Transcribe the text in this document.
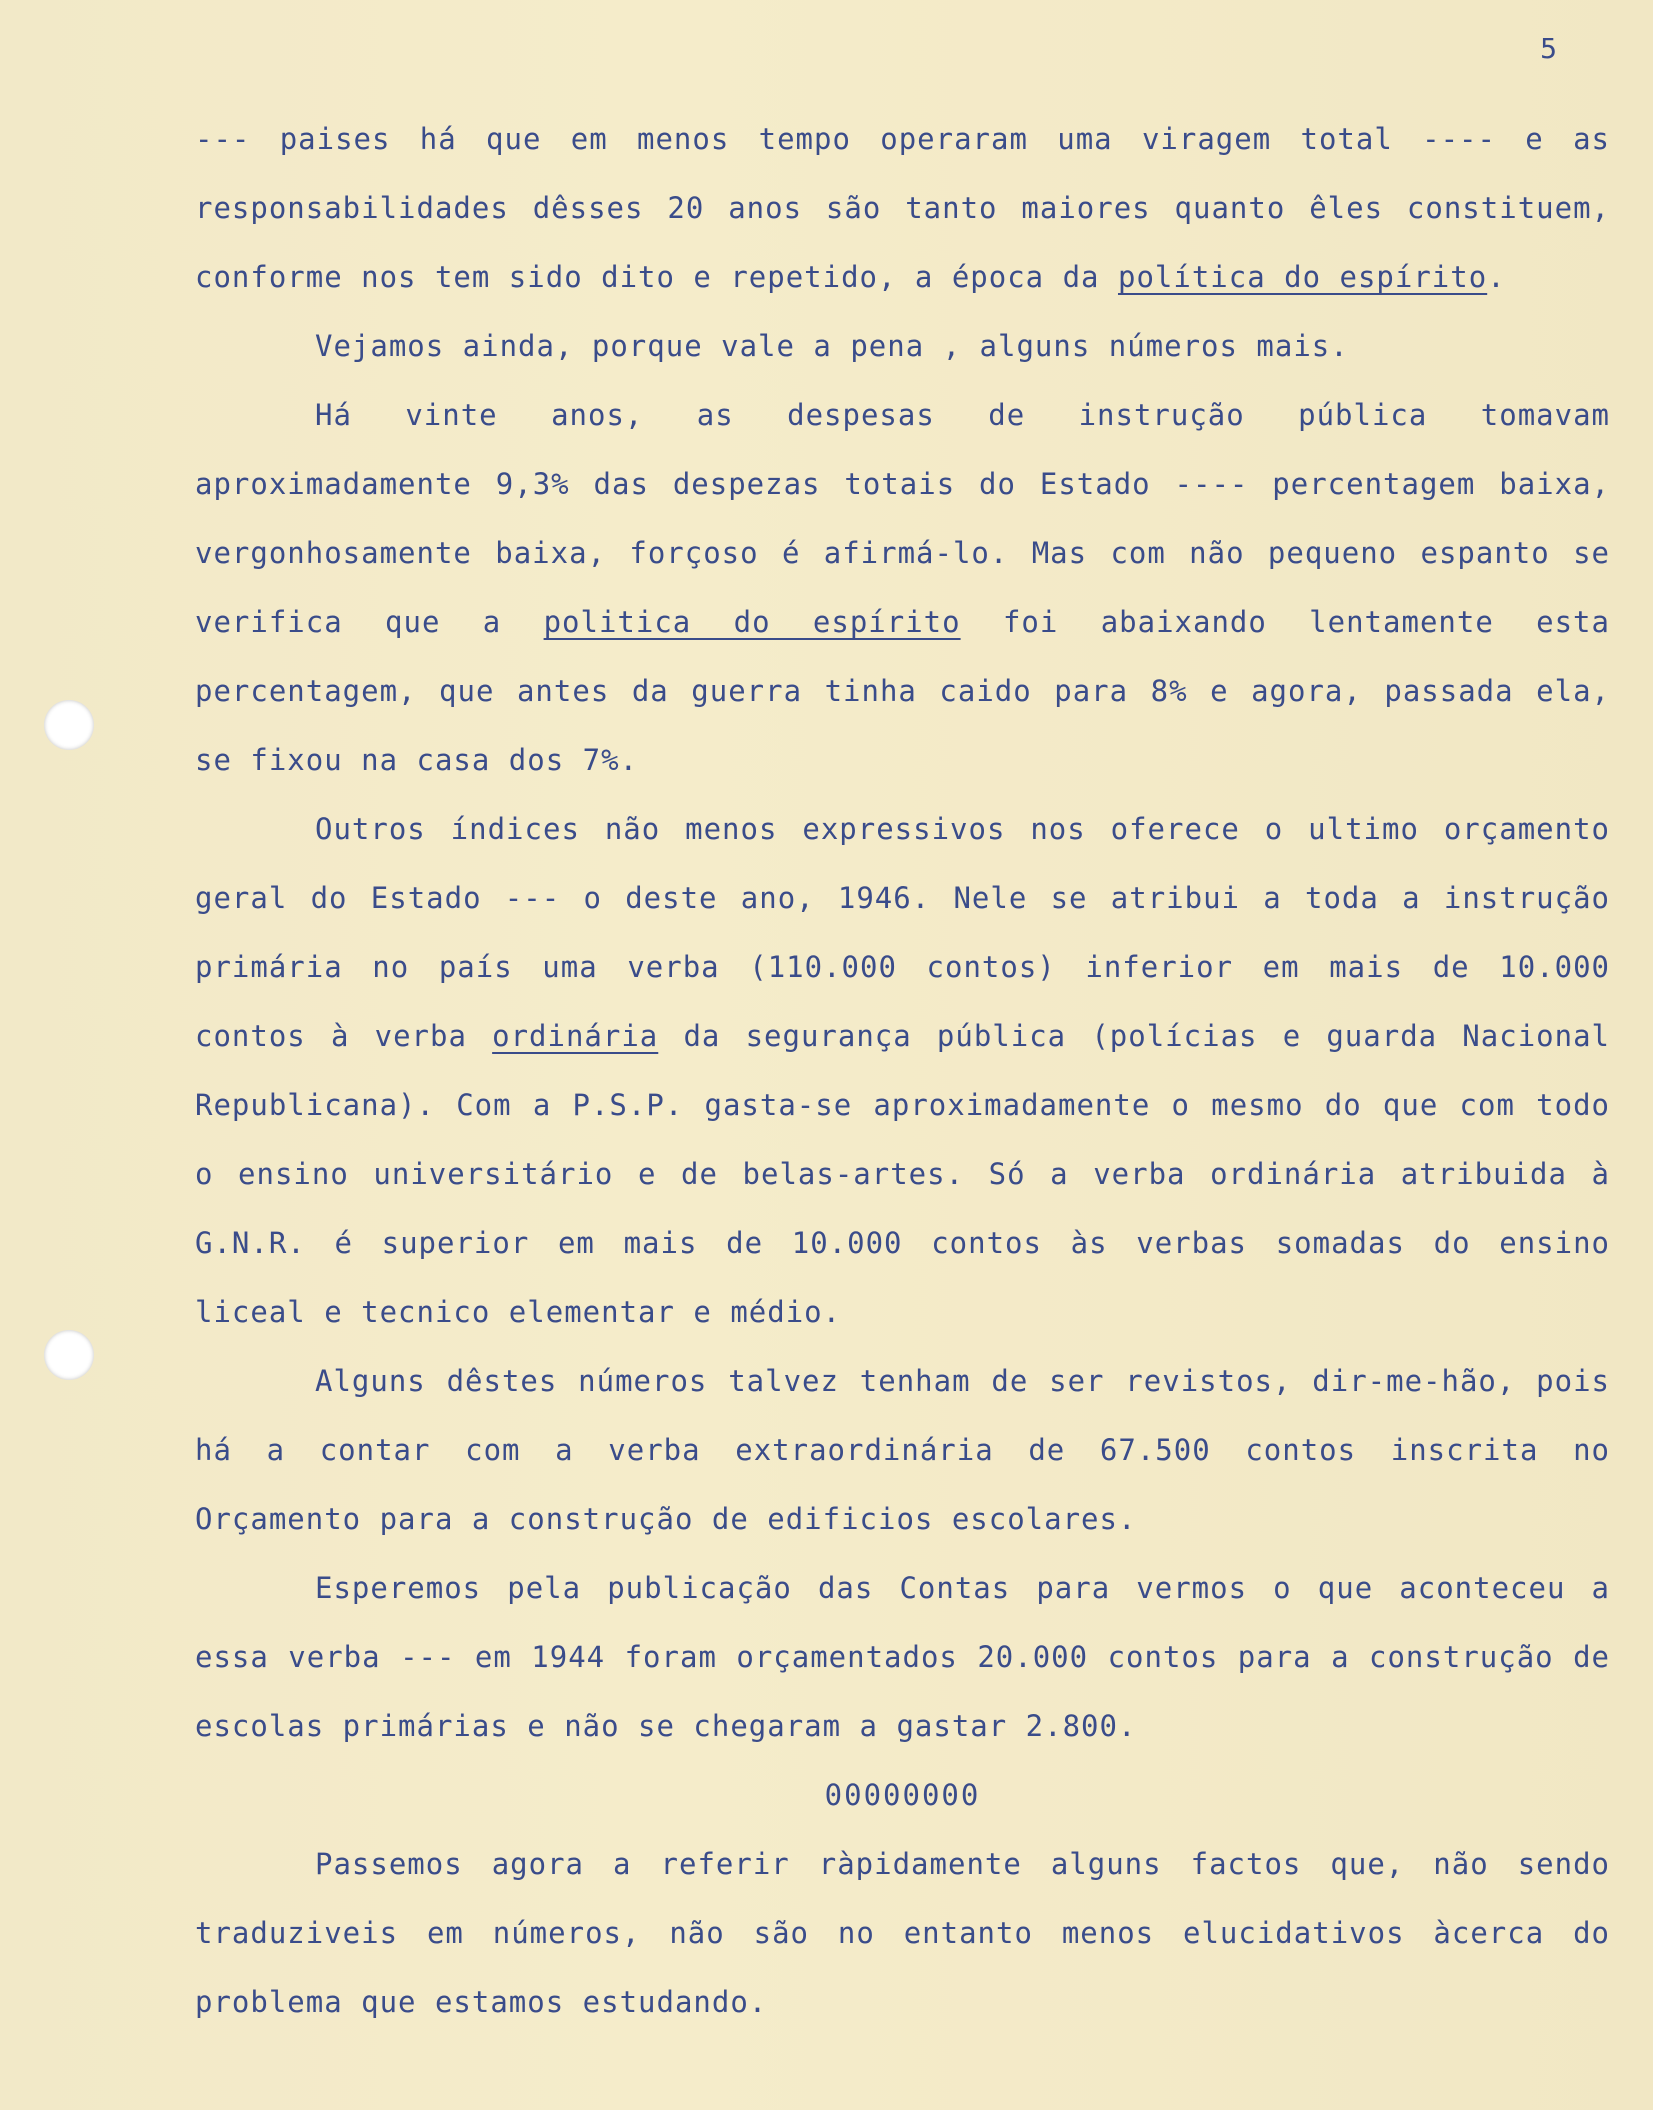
5

--- paises há que em menos tempo operaram uma viragem total ---- e as responsabilidades dêsses 20 anos são tanto maiores quanto êles constituem, conforme nos tem sido dito e repetido, a época da política do espírito.

Vejamos ainda, porque vale a pena , alguns números mais.

Há vinte anos, as despesas de instrução pública tomavam aproximadamente 9,3% das despezas totais do Estado ---- percentagem baixa, vergonhosamente baixa, forçoso é afirmá-lo. Mas com não pequeno espanto se verifica que a politica do espírito foi abaixando lentamente esta percentagem, que antes da guerra tinha caido para 8% e agora, passada ela, se fixou na casa dos 7%.

Outros índices não menos expressivos nos oferece o ultimo orçamento geral do Estado --- o deste ano, 1946. Nele se atribui a toda a instrução primária no país uma verba (110.000 contos) inferior em mais de 10.000 contos à verba ordinária da segurança pública (polícias e guarda Nacional Republicana). Com a P.S.P. gasta-se aproximadamente o mesmo do que com todo o ensino universitário e de belas-artes. Só a verba ordinária atribuida à G.N.R. é superior em mais de 10.000 contos às verbas somadas do ensino liceal e tecnico elementar e médio.

Alguns dêstes números talvez tenham de ser revistos, dir-me-hão, pois há a contar com a verba extraordinária de 67.500 contos inscrita no Orçamento para a construção de edificios escolares.

Esperemos pela publicação das Contas para vermos o que aconteceu a essa verba --- em 1944 foram orçamentados 20.000 contos para a construção de escolas primárias e não se chegaram a gastar 2.800.

00000000

Passemos agora a referir ràpidamente alguns factos que, não sendo traduziveis em números, não são no entanto menos elucidativos àcerca do problema que estamos estudando.
